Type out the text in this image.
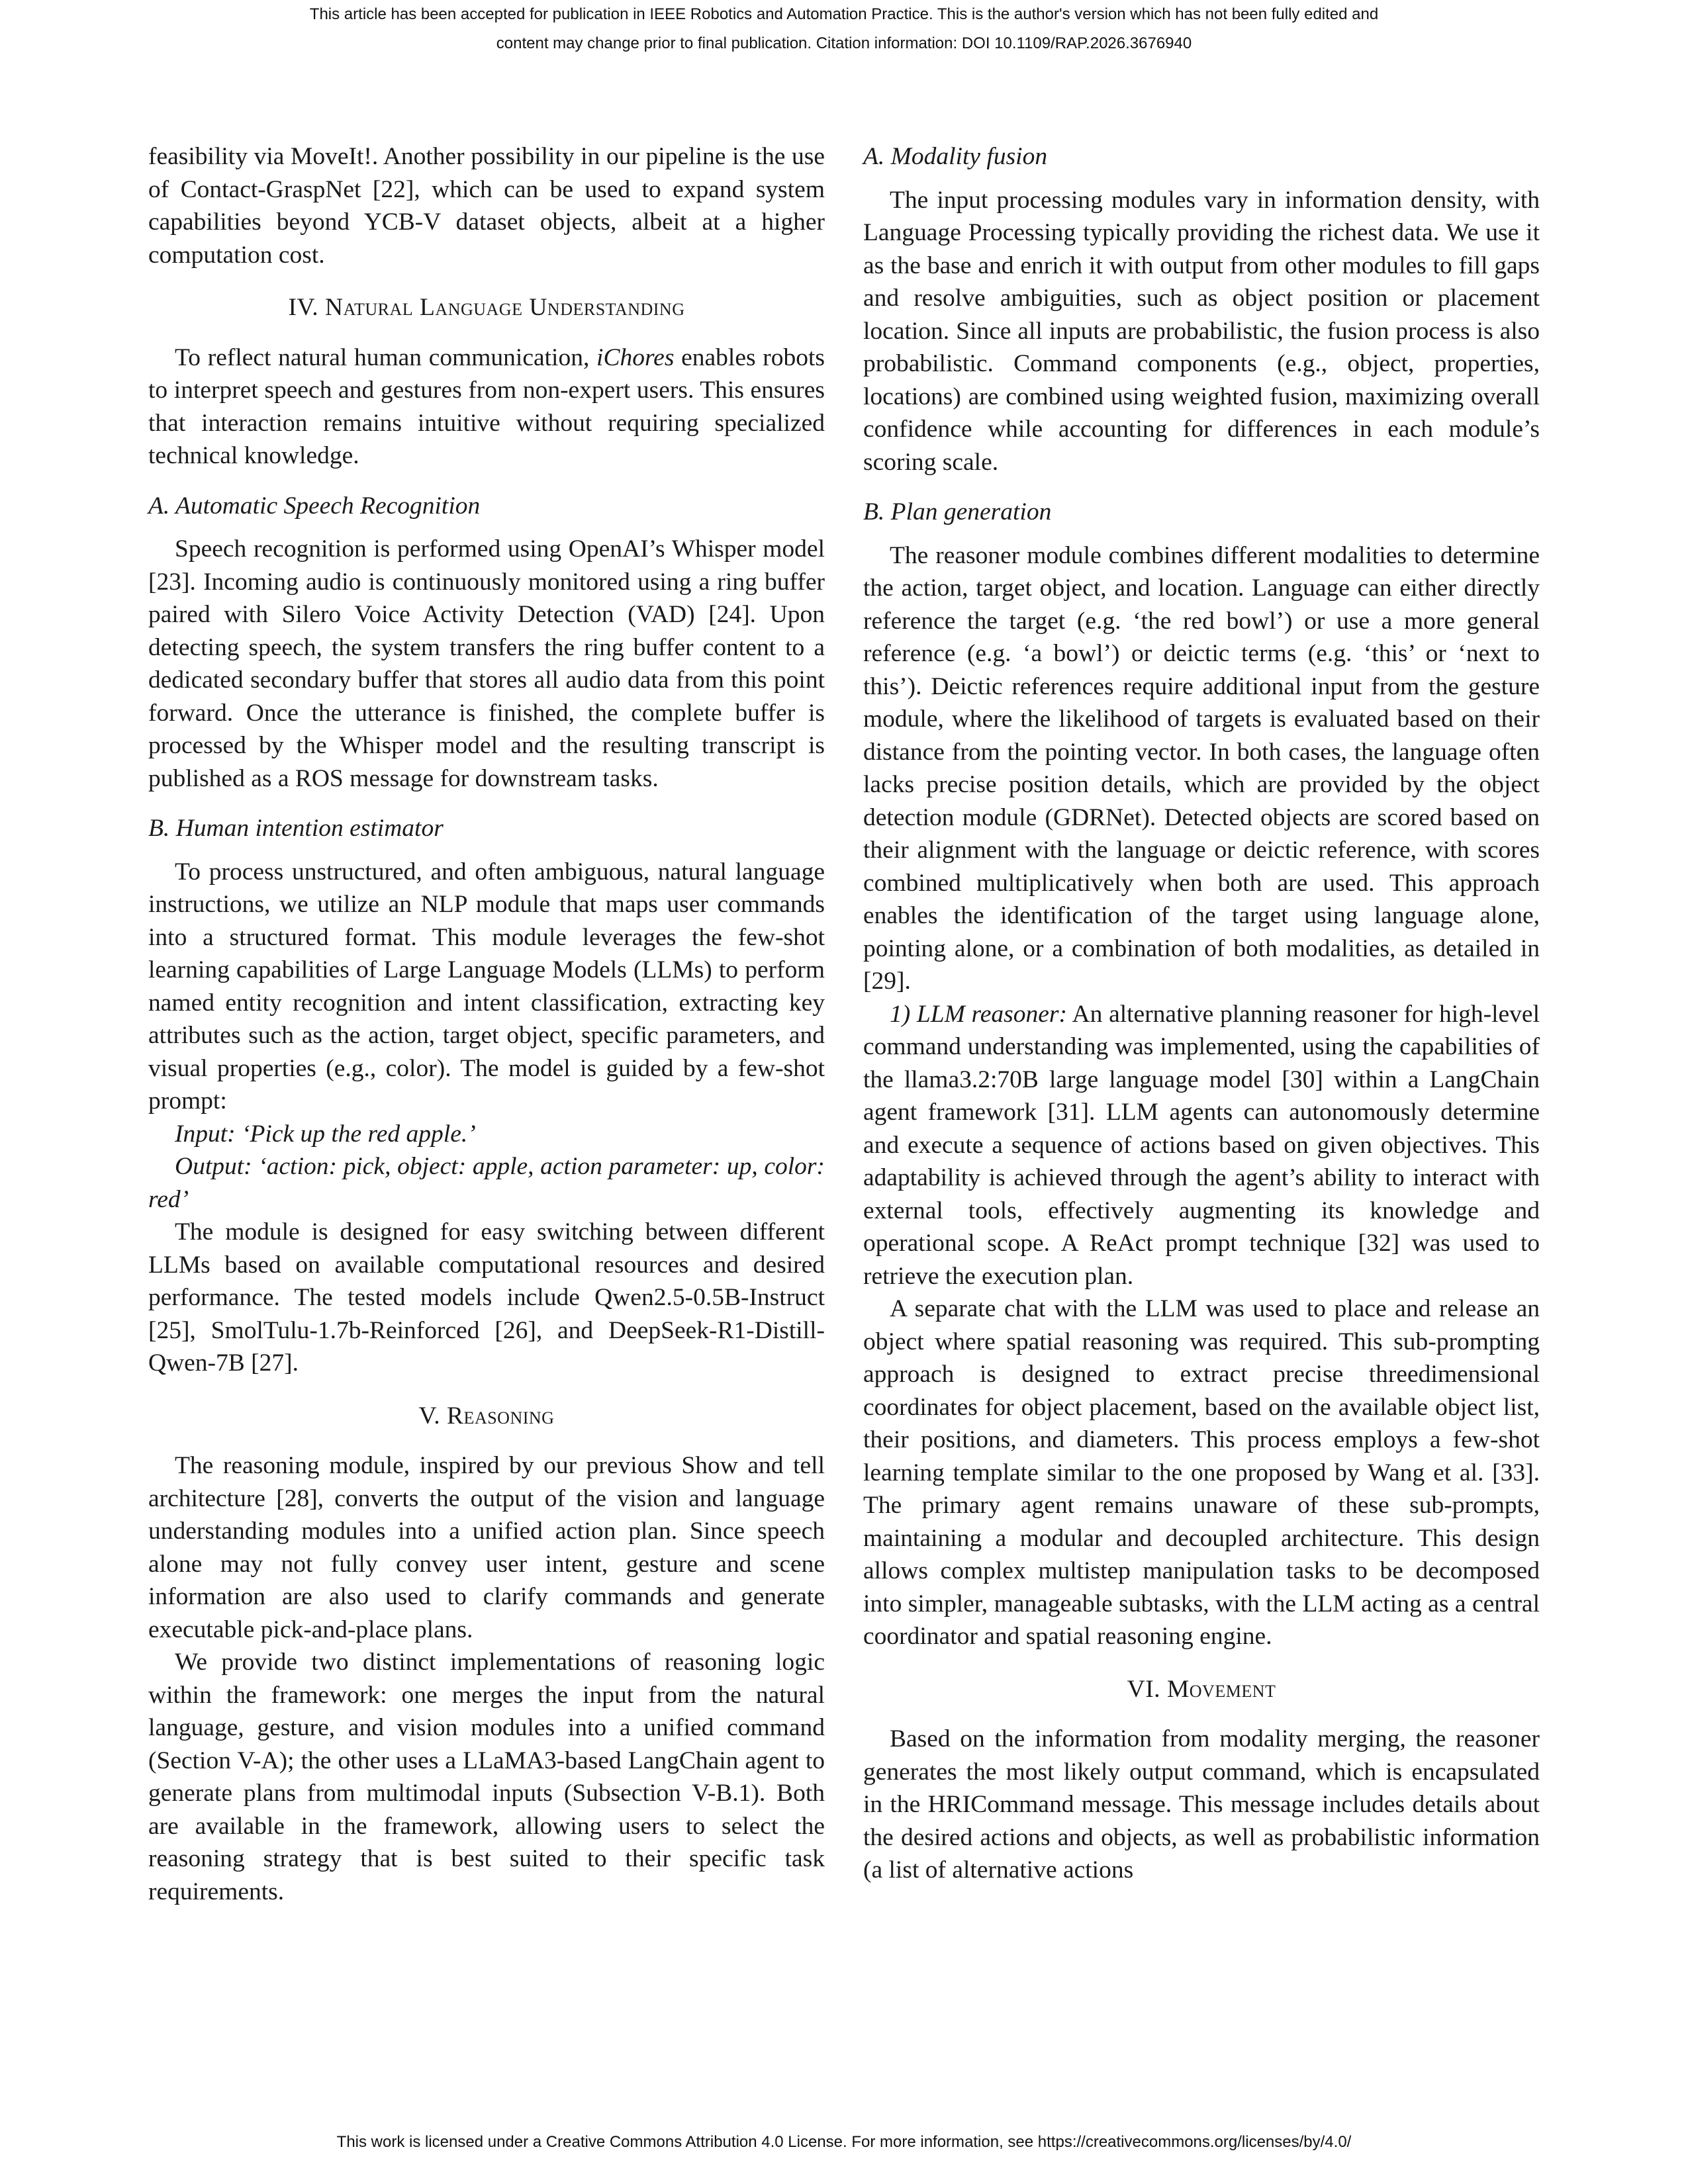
This article has been accepted for publication in IEEE Robotics and Automation Practice. This is the author's version which has not been fully edited and
content may change prior to final publication. Citation information: DOI 10.1109/RAP.2026.3676940

feasibility via MoveIt!. Another possibility in our pipeline is the use of Contact-GraspNet [22], which can be used to expand system capabilities beyond YCB-V dataset objects, albeit at a higher computation cost.

IV. Natural Language Understanding

To reflect natural human communication, iChores enables robots to interpret speech and gestures from non-expert users. This ensures that interaction remains intuitive without requiring specialized technical knowledge.

A. Automatic Speech Recognition

Speech recognition is performed using OpenAI’s Whisper model [23]. Incoming audio is continuously monitored using a ring buffer paired with Silero Voice Activity Detection (VAD) [24]. Upon detecting speech, the system transfers the ring buffer content to a dedicated secondary buffer that stores all audio data from this point forward. Once the utterance is finished, the complete buffer is processed by the Whisper model and the resulting transcript is published as a ROS message for downstream tasks.

B. Human intention estimator

To process unstructured, and often ambiguous, natural language instructions, we utilize an NLP module that maps user commands into a structured format. This module leverages the few-shot learning capabilities of Large Language Models (LLMs) to perform named entity recognition and intent classification, extracting key attributes such as the action, target object, specific parameters, and visual properties (e.g., color). The model is guided by a few-shot prompt:

Input: ‘Pick up the red apple.’

Output: ‘action: pick, object: apple, action parameter: up, color: red’

The module is designed for easy switching between different LLMs based on available computational resources and desired performance. The tested models include Qwen2.5-0.5B-Instruct [25], SmolTulu-1.7b-Reinforced [26], and DeepSeek-R1-Distill-Qwen-7B [27].

V. Reasoning

The reasoning module, inspired by our previous Show and tell architecture [28], converts the output of the vision and language understanding modules into a unified action plan. Since speech alone may not fully convey user intent, gesture and scene information are also used to clarify commands and generate executable pick-and-place plans.

We provide two distinct implementations of reasoning logic within the framework: one merges the input from the natural language, gesture, and vision modules into a unified command (Section V-A); the other uses a LLaMA3-based LangChain agent to generate plans from multimodal inputs (Subsection V-B.1). Both are available in the framework, allowing users to select the reasoning strategy that is best suited to their specific task requirements.

A. Modality fusion

The input processing modules vary in information density, with Language Processing typically providing the richest data. We use it as the base and enrich it with output from other modules to fill gaps and resolve ambiguities, such as object position or placement location. Since all inputs are probabilistic, the fusion process is also probabilistic. Command components (e.g., object, properties, locations) are combined using weighted fusion, maximizing overall confidence while accounting for differences in each module’s scoring scale.

B. Plan generation

The reasoner module combines different modalities to determine the action, target object, and location. Language can either directly reference the target (e.g. ‘the red bowl’) or use a more general reference (e.g. ‘a bowl’) or deictic terms (e.g. ‘this’ or ‘next to this’). Deictic references require additional input from the gesture module, where the likelihood of targets is evaluated based on their distance from the pointing vector. In both cases, the language often lacks precise position details, which are provided by the object detection module (GDRNet). Detected objects are scored based on their alignment with the language or deictic reference, with scores combined multiplicatively when both are used. This approach enables the identification of the target using language alone, pointing alone, or a combination of both modalities, as detailed in [29].

1) LLM reasoner: An alternative planning reasoner for high-level command understanding was implemented, using the capabilities of the llama3.2:70B large language model [30] within a LangChain agent framework [31]. LLM agents can autonomously determine and execute a sequence of actions based on given objectives. This adaptability is achieved through the agent’s ability to interact with external tools, effectively augmenting its knowledge and operational scope. A ReAct prompt technique [32] was used to retrieve the execution plan.

A separate chat with the LLM was used to place and release an object where spatial reasoning was required. This sub-prompting approach is designed to extract precise threedimensional coordinates for object placement, based on the available object list, their positions, and diameters. This process employs a few-shot learning template similar to the one proposed by Wang et al. [33]. The primary agent remains unaware of these sub-prompts, maintaining a modular and decoupled architecture. This design allows complex multistep manipulation tasks to be decomposed into simpler, manageable subtasks, with the LLM acting as a central coordinator and spatial reasoning engine.

VI. Movement

Based on the information from modality merging, the reasoner generates the most likely output command, which is encapsulated in the HRICommand message. This message includes details about the desired actions and objects, as well as probabilistic information (a list of alternative actions

This work is licensed under a Creative Commons Attribution 4.0 License. For more information, see https://creativecommons.org/licenses/by/4.0/
